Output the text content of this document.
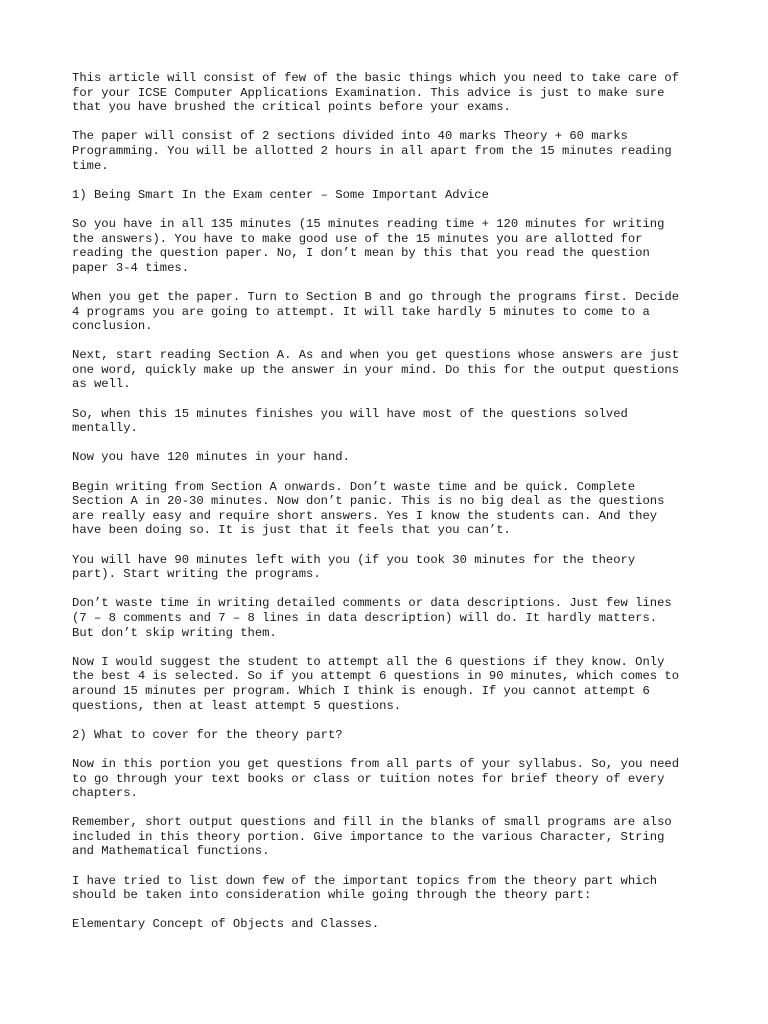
This article will consist of few of the basic things which you need to take care of
for your ICSE Computer Applications Examination. This advice is just to make sure
that you have brushed the critical points before your exams.

The paper will consist of 2 sections divided into 40 marks Theory + 60 marks
Programming. You will be allotted 2 hours in all apart from the 15 minutes reading
time.

1) Being Smart In the Exam center – Some Important Advice

So you have in all 135 minutes (15 minutes reading time + 120 minutes for writing
the answers). You have to make good use of the 15 minutes you are allotted for
reading the question paper. No, I don’t mean by this that you read the question
paper 3-4 times.

When you get the paper. Turn to Section B and go through the programs first. Decide
4 programs you are going to attempt. It will take hardly 5 minutes to come to a
conclusion.

Next, start reading Section A. As and when you get questions whose answers are just
one word, quickly make up the answer in your mind. Do this for the output questions
as well.

So, when this 15 minutes finishes you will have most of the questions solved
mentally.

Now you have 120 minutes in your hand.

Begin writing from Section A onwards. Don’t waste time and be quick. Complete
Section A in 20-30 minutes. Now don’t panic. This is no big deal as the questions
are really easy and require short answers. Yes I know the students can. And they
have been doing so. It is just that it feels that you can’t.

You will have 90 minutes left with you (if you took 30 minutes for the theory
part). Start writing the programs.

Don’t waste time in writing detailed comments or data descriptions. Just few lines
(7 – 8 comments and 7 – 8 lines in data description) will do. It hardly matters.
But don’t skip writing them.

Now I would suggest the student to attempt all the 6 questions if they know. Only
the best 4 is selected. So if you attempt 6 questions in 90 minutes, which comes to
around 15 minutes per program. Which I think is enough. If you cannot attempt 6
questions, then at least attempt 5 questions.

2) What to cover for the theory part?

Now in this portion you get questions from all parts of your syllabus. So, you need
to go through your text books or class or tuition notes for brief theory of every
chapters.

Remember, short output questions and fill in the blanks of small programs are also
included in this theory portion. Give importance to the various Character, String
and Mathematical functions.

I have tried to list down few of the important topics from the theory part which
should be taken into consideration while going through the theory part:

Elementary Concept of Objects and Classes.
